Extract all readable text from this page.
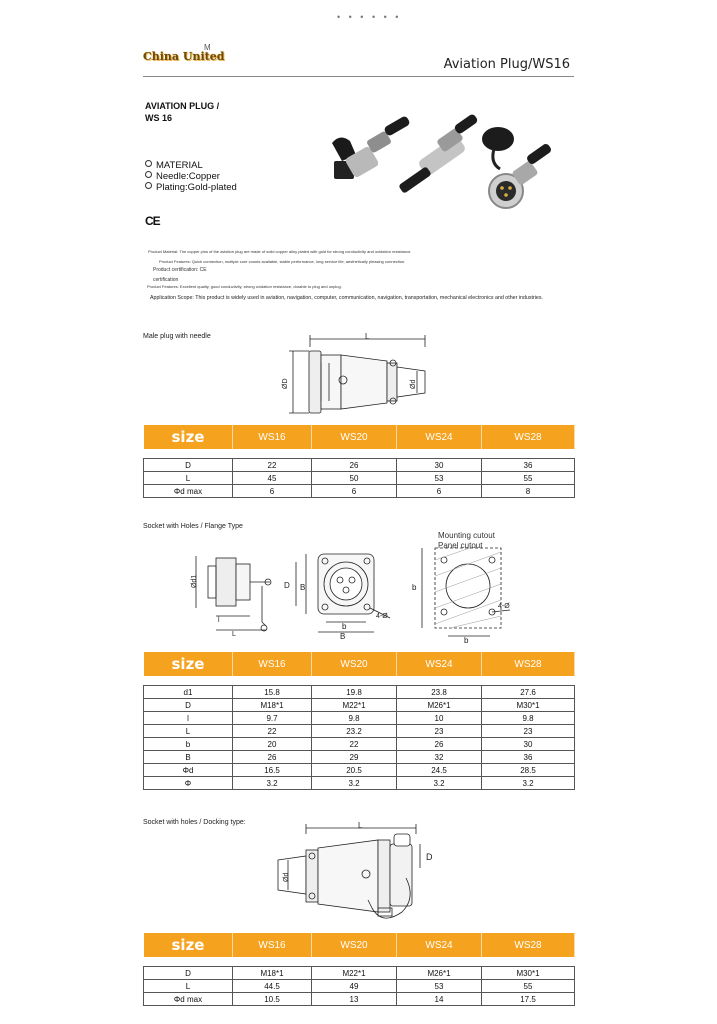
• • • • • •
China United
M
Aviation Plug/WS16
AVIATION PLUG /
WS 16
MATERIAL
Needle:Copper
Plating:Gold-plated
CE
Product Material: The copper pins of the aviation plug are made of solid copper alloy plated with gold for strong conductivity and oxidation resistance.
Product Features: Quick connection, multiple core counts available, stable performance, long service life, aesthetically pleasing connection.
Product certification: CE
certification
Product Features: Excellent quality, good conductivity, strong oxidation resistance, durable to plug and unplug.
Application Scope: This product is widely used in aviation, navigation, computer, communication, navigation, transportation, mechanical electronics and other industries.
Male plug with needle	L
ØD	Ød
size	WS16	WS20	WS24	WS28

D	22	26	30	36
L	45	50	53	55
Φd max	6	6	6	8
Socket with Holes / Flange Type
Ød1
l
L
D B
b
B
4-Ø
Mounting cutout
Panel cutout
b
b
4-Ø
size	WS16	WS20	WS24	WS28

d1	15.8	19.8	23.8	27.6
D	M18*1	M22*1	M26*1	M30*1
l	9.7	9.8	10	9.8
L	22	23.2	23	23
b	20	22	26	30
B	26	29	32	36
Φd	16.5	20.5	24.5	28.5
Φ	3.2	3.2	3.2	3.2
Socket with holes / Docking type:	L
D
Ød
size	WS16	WS20	WS24	WS28

D	M18*1	M22*1	M26*1	M30*1
L	44.5	49	53	55
Φd max	10.5	13	14	17.5
